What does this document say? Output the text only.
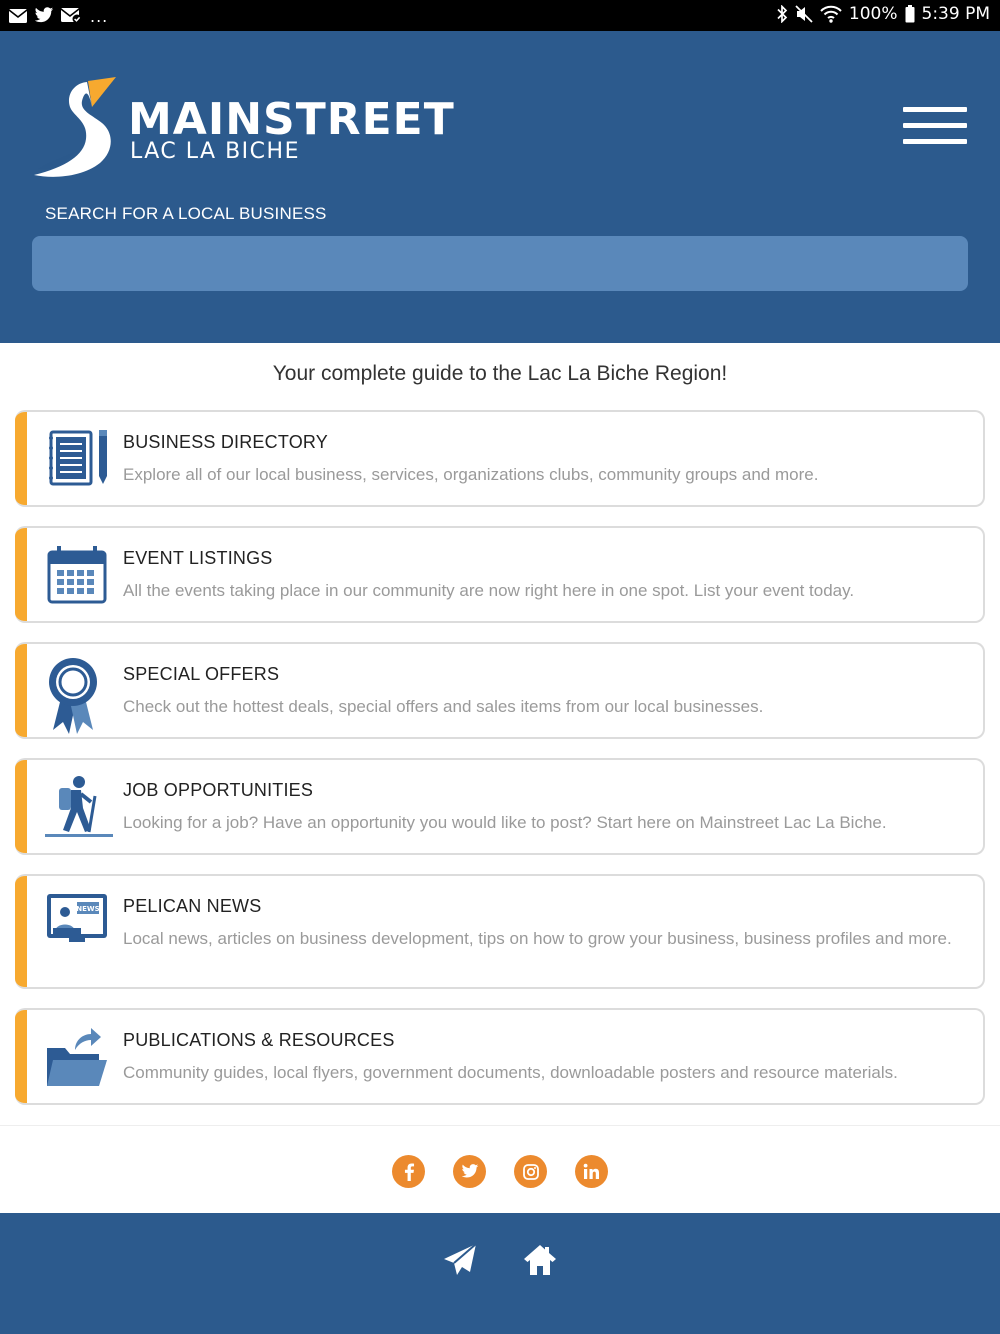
...	100% 5:39 PM
MAINSTREET
LAC LA BICHE
SEARCH FOR A LOCAL BUSINESS
Your complete guide to the Lac La Biche Region!
BUSINESS DIRECTORY
Explore all of our local business, services, organizations clubs, community groups and more.
EVENT LISTINGS
All the events taking place in our community are now right here in one spot. List your event today.
SPECIAL OFFERS
Check out the hottest deals, special offers and sales items from our local businesses.
JOB OPPORTUNITIES
Looking for a job? Have an opportunity you would like to post? Start here on Mainstreet Lac La Biche.
NEWS PELICAN NEWS
Local news, articles on business development, tips on how to grow your business, business profiles and more.
PUBLICATIONS & RESOURCES
Community guides, local flyers, government documents, downloadable posters and resource materials.
